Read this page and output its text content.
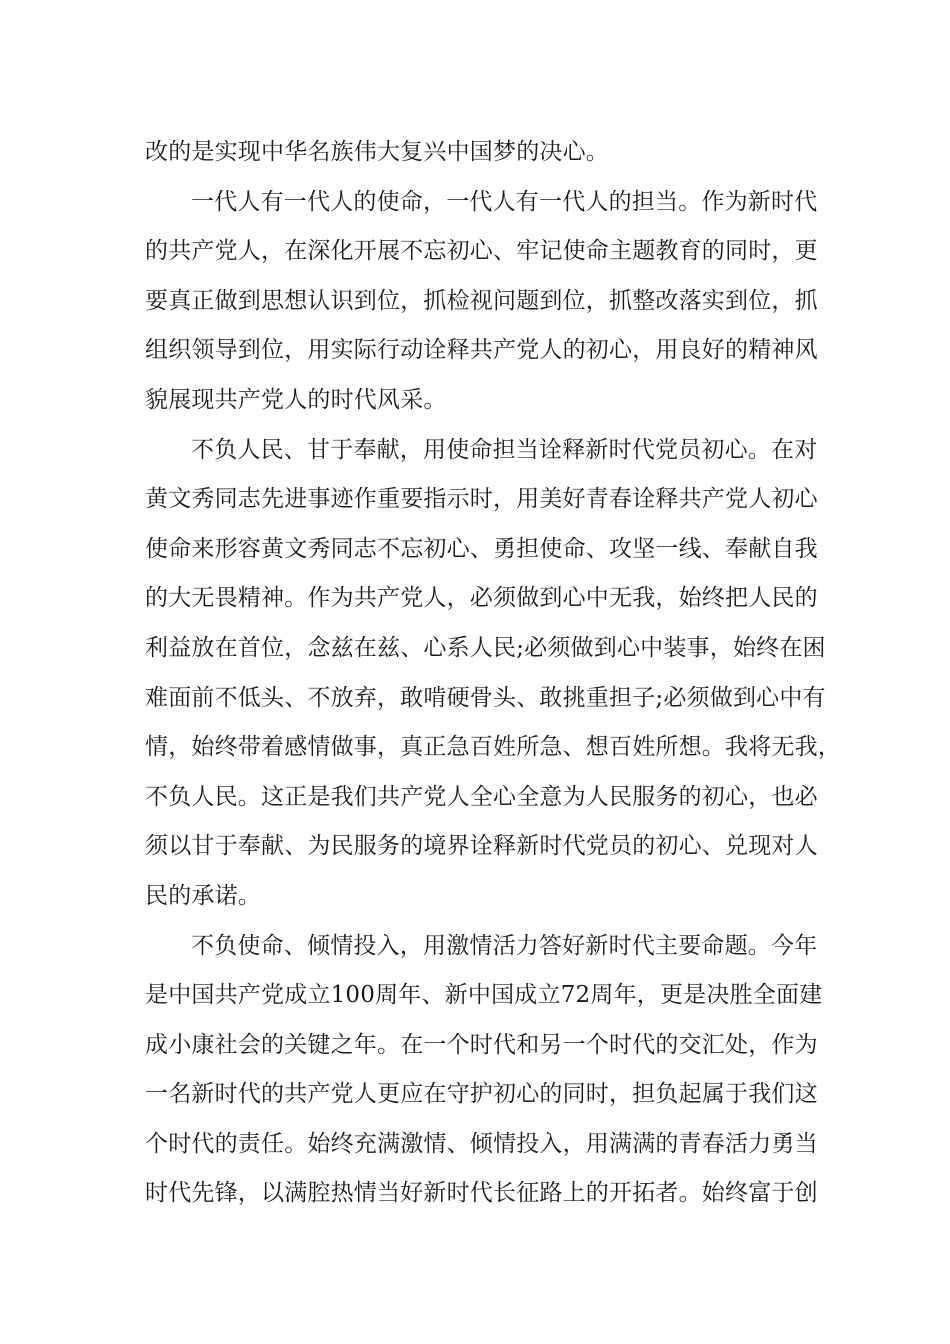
改的是实现中华名族伟大复兴中国梦的决心。

一代人有一代人的使命，一代人有一代人的担当。作为新时代
的共产党人，在深化开展不忘初心、牢记使命主题教育的同时，更
要真正做到思想认识到位，抓检视问题到位，抓整改落实到位，抓
组织领导到位，用实际行动诠释共产党人的初心，用良好的精神风
貌展现共产党人的时代风采。

不负人民、甘于奉献，用使命担当诠释新时代党员初心。在对
黄文秀同志先进事迹作重要指示时，用美好青春诠释共产党人初心
使命来形容黄文秀同志不忘初心、勇担使命、攻坚一线、奉献自我
的大无畏精神。作为共产党人，必须做到心中无我，始终把人民的
利益放在首位，念兹在兹、心系人民;必须做到心中装事，始终在困
难面前不低头、不放弃，敢啃硬骨头、敢挑重担子;必须做到心中有
情，始终带着感情做事，真正急百姓所急、想百姓所想。我将无我，
不负人民。这正是我们共产党人全心全意为人民服务的初心，也必
须以甘于奉献、为民服务的境界诠释新时代党员的初心、兑现对人
民的承诺。

不负使命、倾情投入，用激情活力答好新时代主要命题。今年
是中国共产党成立100周年、新中国成立72周年，更是决胜全面建
成小康社会的关键之年。在一个时代和另一个时代的交汇处，作为
一名新时代的共产党人更应在守护初心的同时，担负起属于我们这
个时代的责任。始终充满激情、倾情投入，用满满的青春活力勇当
时代先锋，以满腔热情当好新时代长征路上的开拓者。始终富于创
